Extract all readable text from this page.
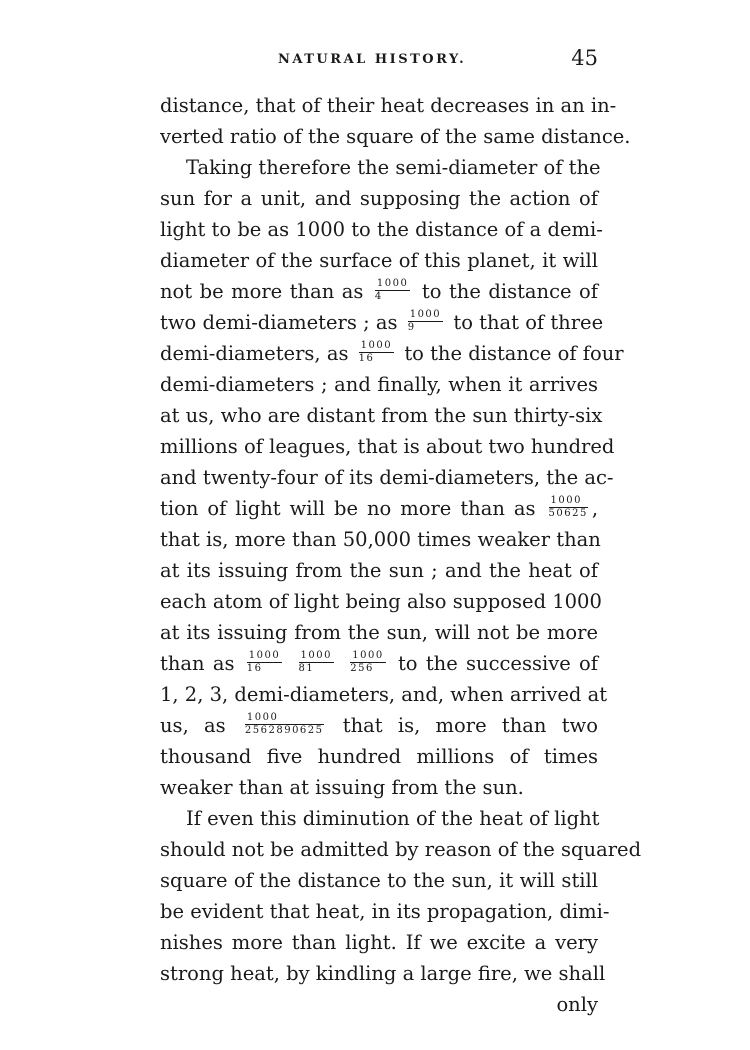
NATURAL HISTORY.	45
distance, that of their heat decreases in an in-
verted ratio of the square of the same distance.
Taking therefore the semi-diameter of the
sun for a unit, and supposing the action of
light to be as 1000 to the distance of a demi-
diameter of the surface of this planet, it will
not be more than as $\frac{1000}{4}$ to the distance of
two demi-diameters ; as $\frac{1000}{9}$ to that of three
demi-diameters, as $\frac{1000}{16}$ to the distance of four
demi-diameters ; and finally, when it arrives
at us, who are distant from the sun thirty-six
millions of leagues, that is about two hundred
and twenty-four of its demi-diameters, the ac-
tion of light will be no more than as $\frac{1000}{50625}$ ,
that is, more than 50,000 times weaker than
at its issuing from the sun ; and the heat of
each atom of light being also supposed 1000
at its issuing from the sun, will not be more
than as $\frac{1000}{16}$
$\frac{1000}{81}$
$\frac{1000}{256}$ to the successive of
1, 2, 3, demi-diameters, and, when arrived at
us, as $\frac{1000}{2562890625}$ that is, more than two
thousand five hundred millions of times
weaker than at issuing from the sun.
If even this diminution of the heat of light
should not be admitted by reason of the squared
square of the distance to the sun, it will still
be evident that heat, in its propagation, dimi-
nishes more than light. If we excite a very
strong heat, by kindling a large fire, we shall
only
